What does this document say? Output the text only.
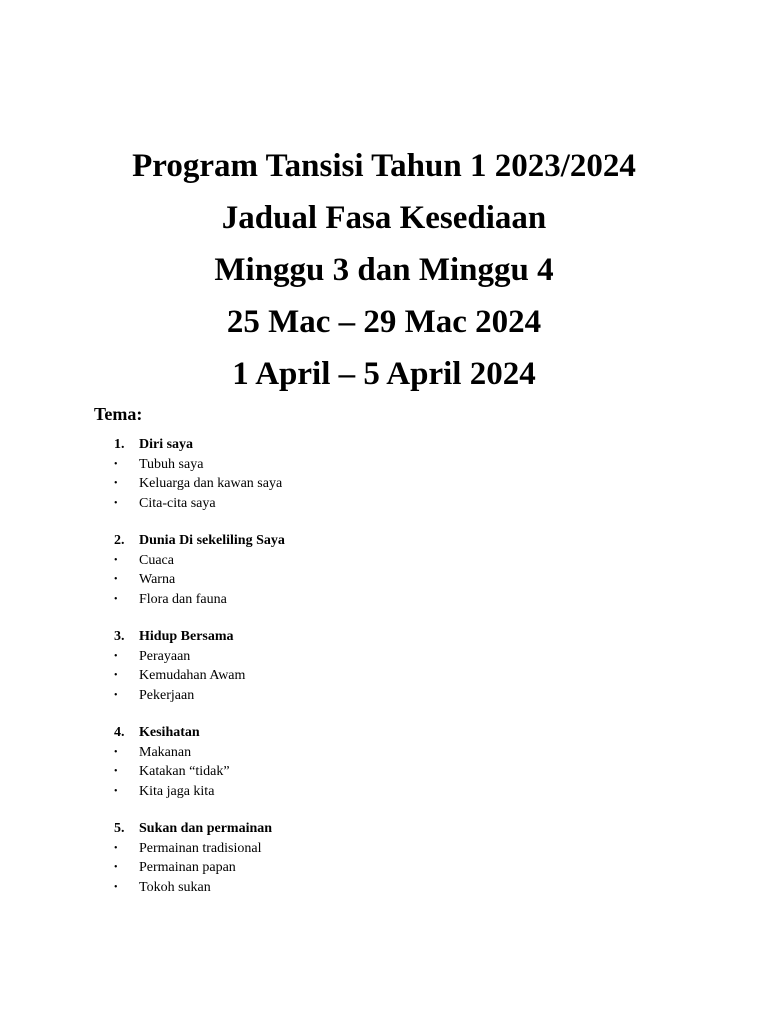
Program Tansisi Tahun 1 2023/2024
Jadual Fasa Kesediaan
Minggu 3 dan Minggu 4
25 Mac – 29 Mac 2024
1 April – 5 April 2024
Tema:
1.	Diri saya
•	Tubuh saya
•	Keluarga dan kawan saya
•	Cita-cita saya
2.	Dunia Di sekeliling Saya
•	Cuaca
•	Warna
•	Flora dan fauna
3.	Hidup Bersama
•	Perayaan
•	Kemudahan Awam
•	Pekerjaan
4.	Kesihatan
•	Makanan
•	Katakan “tidak”
•	Kita jaga kita
5.	Sukan dan permainan
•	Permainan tradisional
•	Permainan papan
•	Tokoh sukan
